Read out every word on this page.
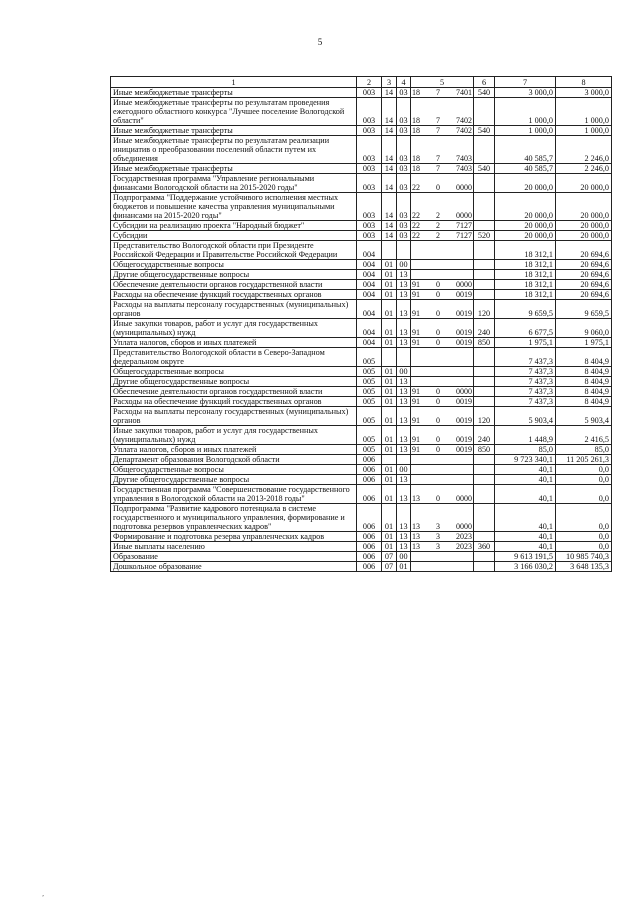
5
1	2	3	4	5	6	7	8
Иные межбюджетные трансферты	003	14	03	18 7 7401	540	3 000,0	3 000,0
Иные межбюджетные трансферты по результатам проведения ежегодного областного конкурса "Лучшее поселение Вологодской области"	003	14	03	18 7 7402		1 000,0	1 000,0
Иные межбюджетные трансферты	003	14	03	18 7 7402	540	1 000,0	1 000,0
Иные межбюджетные трансферты по результатам реализации инициатив о преобразовании поселений области путем их объединения	003	14	03	18 7 7403		40 585,7	2 246,0
Иные межбюджетные трансферты	003	14	03	18 7 7403	540	40 585,7	2 246,0
Государственная программа "Управление региональными финансами Вологодской области на 2015-2020 годы"	003	14	03	22 0 0000		20 000,0	20 000,0
Подпрограмма "Поддержание устойчивого исполнения местных бюджетов и повышение качества управления муниципальными финансами на 2015-2020 годы"	003	14	03	22 2 0000		20 000,0	20 000,0
Субсидии на реализацию проекта "Народный бюджет"	003	14	03	22 2 7127		20 000,0	20 000,0
Субсидии	003	14	03	22 2 7127	520	20 000,0	20 000,0
Представительство Вологодской области при Президенте Российской Федерации и Правительстве Российской Федерации	004					18 312,1	20 694,6
Общегосударственные вопросы	004	01	00			18 312,1	20 694,6
Другие общегосударственные вопросы	004	01	13			18 312,1	20 694,6
Обеспечение деятельности органов государственной власти	004	01	13	91 0 0000		18 312,1	20 694,6
Расходы на обеспечение функций государственных органов	004	01	13	91 0 0019		18 312,1	20 694,6
Расходы на выплаты персоналу государственных (муниципальных) органов	004	01	13	91 0 0019	120	9 659,5	9 659,5
Иные закупки товаров, работ и услуг для государственных (муниципальных) нужд	004	01	13	91 0 0019	240	6 677,5	9 060,0
Уплата налогов, сборов и иных платежей	004	01	13	91 0 0019	850	1 975,1	1 975,1
Представительство Вологодской области в Северо-Западном федеральном округе	005					7 437,3	8 404,9
Общегосударственные вопросы	005	01	00			7 437,3	8 404,9
Другие общегосударственные вопросы	005	01	13			7 437,3	8 404,9
Обеспечение деятельности органов государственной власти	005	01	13	91 0 0000		7 437,3	8 404,9
Расходы на обеспечение функций государственных органов	005	01	13	91 0 0019		7 437,3	8 404,9
Расходы на выплаты персоналу государственных (муниципальных) органов	005	01	13	91 0 0019	120	5 903,4	5 903,4
Иные закупки товаров, работ и услуг для государственных (муниципальных) нужд	005	01	13	91 0 0019	240	1 448,9	2 416,5
Уплата налогов, сборов и иных платежей	005	01	13	91 0 0019	850	85,0	85,0
Департамент образования Вологодской области	006					9 723 340,1	11 205 261,3
Общегосударственные вопросы	006	01	00			40,1	0,0
Другие общегосударственные вопросы	006	01	13			40,1	0,0
Государственная программа "Совершенствование государственного управления в Вологодской области на 2013-2018 годы"	006	01	13	13 0 0000		40,1	0,0
Подпрограмма "Развитие кадрового потенциала в системе государственного и муниципального управления, формирование и подготовка резервов управленческих кадров"	006	01	13	13 3 0000		40,1	0,0
Формирование и подготовка резерва управленческих кадров	006	01	13	13 3 2023		40,1	0,0
Иные выплаты населению	006	01	13	13 3 2023	360	40,1	0,0
Образование	006	07	00			9 613 191,5	10 985 740,3
Дошкольное образование	006	07	01			3 166 030,2	3 648 135,3
’
